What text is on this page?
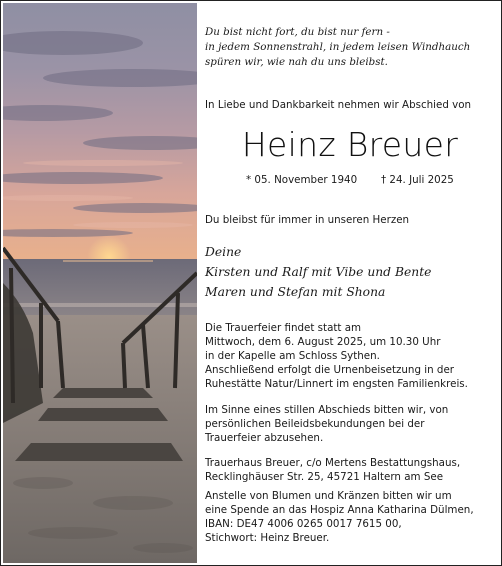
Du bist nicht fort, du bist nur fern -
in jedem Sonnenstrahl, in jedem leisen Windhauch
spüren wir, wie nah du uns bleibst.
In Liebe und Dankbarkeit nehmen wir Abschied von
Heinz Breuer
* 05. November 1940 † 24. Juli 2025
Du bleibst für immer in unseren Herzen
Deine
Kirsten und Ralf mit Vibe und Bente
Maren und Stefan mit Shona
Die Trauerfeier findet statt am
Mittwoch, dem 6. August 2025, um 10.30 Uhr
in der Kapelle am Schloss Sythen.
Anschließend erfolgt die Urnenbeisetzung in der
Ruhestätte Natur/Linnert im engsten Familienkreis.
Im Sinne eines stillen Abschieds bitten wir, von
persönlichen Beileidsbekundungen bei der
Trauerfeier abzusehen.
Trauerhaus Breuer, c/o Mertens Bestattungshaus,
Recklinghäuser Str. 25, 45721 Haltern am See
Anstelle von Blumen und Kränzen bitten wir um
eine Spende an das Hospiz Anna Katharina Dülmen,
IBAN: DE47 4006 0265 0017 7615 00,
Stichwort: Heinz Breuer.
